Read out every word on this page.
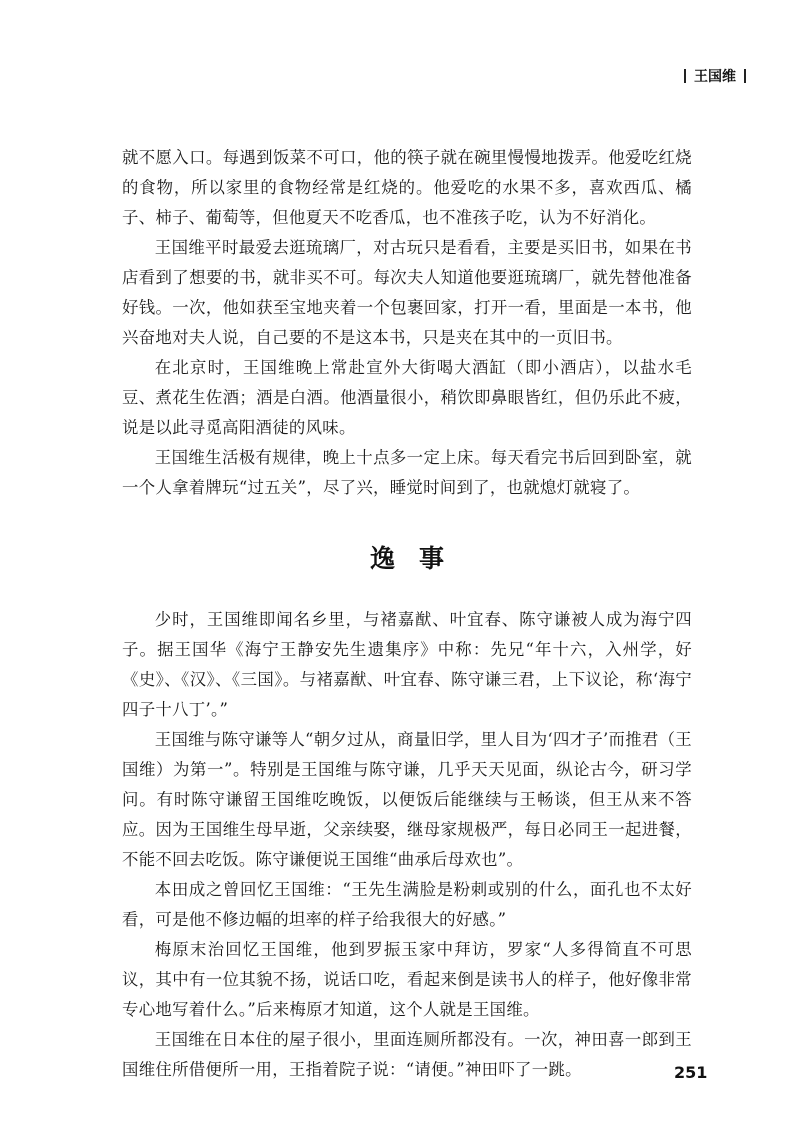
王国维

就不愿入口。每遇到饭菜不可口，他的筷子就在碗里慢慢地拨弄。他爱吃红烧的食物，所以家里的食物经常是红烧的。他爱吃的水果不多，喜欢西瓜、橘子、柿子、葡萄等，但他夏天不吃香瓜，也不准孩子吃，认为不好消化。

王国维平时最爱去逛琉璃厂，对古玩只是看看，主要是买旧书，如果在书店看到了想要的书，就非买不可。每次夫人知道他要逛琉璃厂，就先替他准备好钱。一次，他如获至宝地夹着一个包裹回家，打开一看，里面是一本书，他兴奋地对夫人说，自己要的不是这本书，只是夹在其中的一页旧书。

在北京时，王国维晚上常赴宣外大街喝大酒缸（即小酒店），以盐水毛豆、煮花生佐酒；酒是白酒。他酒量很小，稍饮即鼻眼皆红，但仍乐此不疲，说是以此寻觅高阳酒徒的风味。

王国维生活极有规律，晚上十点多一定上床。每天看完书后回到卧室，就一个人拿着牌玩“过五关”，尽了兴，睡觉时间到了，也就熄灯就寝了。

逸事

少时，王国维即闻名乡里，与褚嘉猷、叶宜春、陈守谦被人成为海宁四子。据王国华《海宁王静安先生遗集序》中称：先兄“年十六，入州学，好《史》、《汉》、《三国》。与褚嘉猷、叶宜春、陈守谦三君，上下议论，称‘海宁四子十八丁’。”

王国维与陈守谦等人“朝夕过从，商量旧学，里人目为‘四才子’而推君（王国维）为第一”。特别是王国维与陈守谦，几乎天天见面，纵论古今，研习学问。有时陈守谦留王国维吃晚饭，以便饭后能继续与王畅谈，但王从来不答应。因为王国维生母早逝，父亲续娶，继母家规极严，每日必同王一起进餐，不能不回去吃饭。陈守谦便说王国维“曲承后母欢也”。

本田成之曾回忆王国维：“王先生满脸是粉刺或别的什么，面孔也不太好看，可是他不修边幅的坦率的样子给我很大的好感。”

梅原末治回忆王国维，他到罗振玉家中拜访，罗家“人多得简直不可思议，其中有一位其貌不扬，说话口吃，看起来倒是读书人的样子，他好像非常专心地写着什么。”后来梅原才知道，这个人就是王国维。

王国维在日本住的屋子很小，里面连厕所都没有。一次，神田喜一郎到王国维住所借便所一用，王指着院子说：“请便。”神田吓了一跳。	251
